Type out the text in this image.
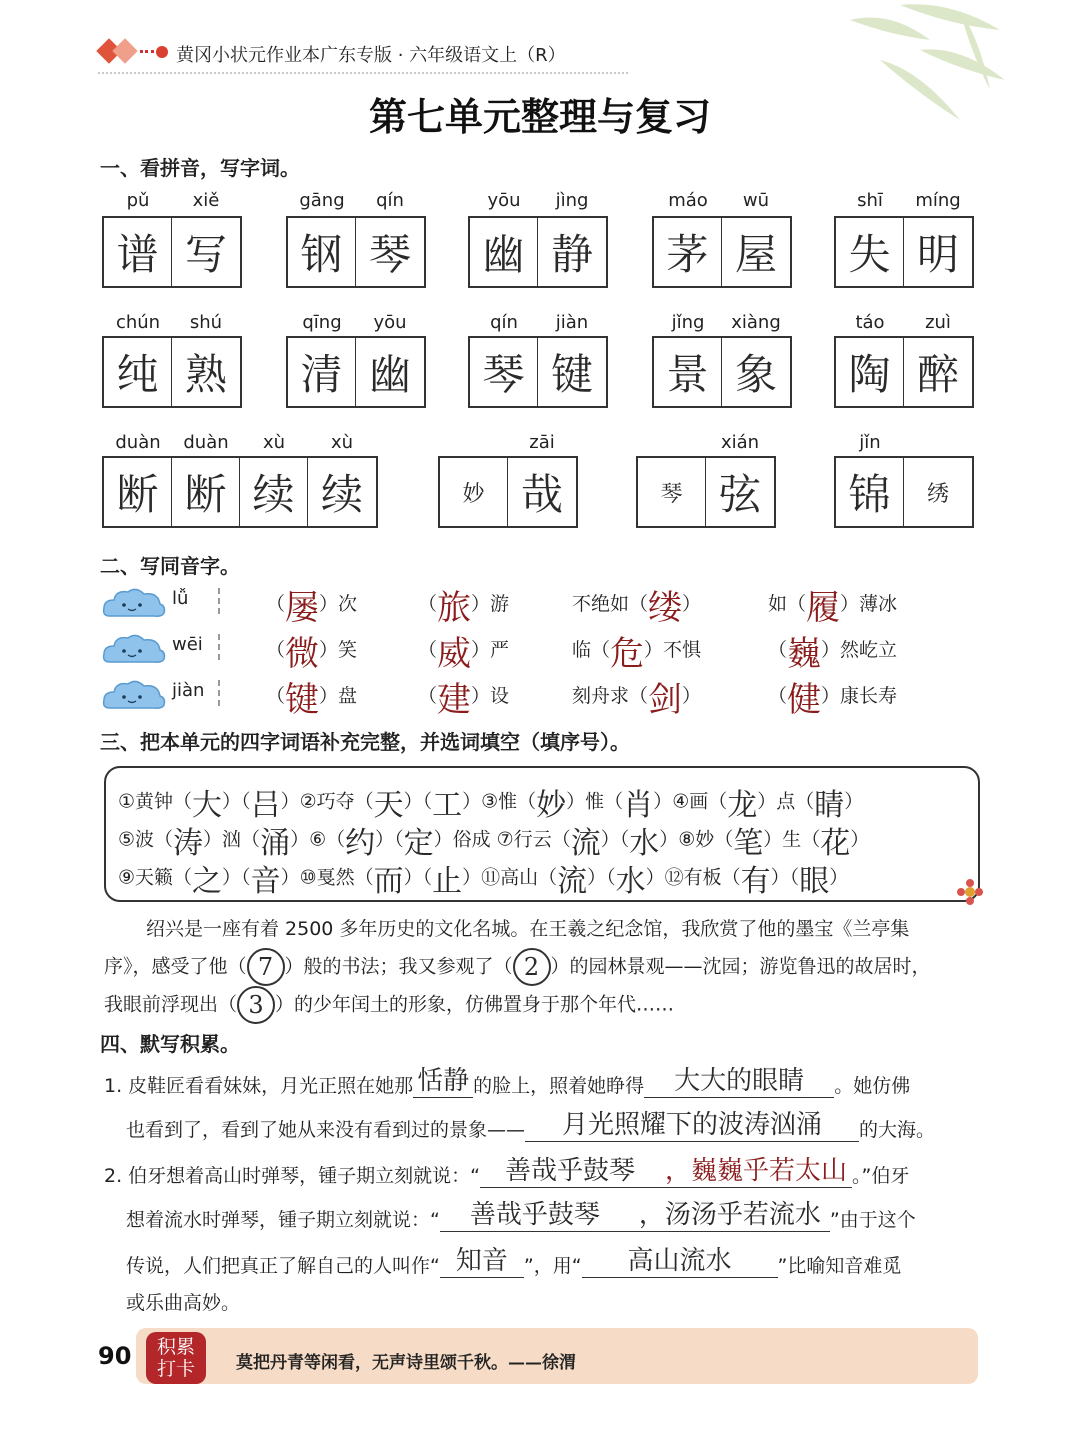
黄冈小状元作业本广东专版 · 六年级语文上（R）
第七单元整理与复习
一、看拼音，写字词。
pǔ	xiě
谱 写
gāng	qín
钢 琴
yōu	jìng
幽 静
máo	wū
茅 屋
shī	míng
失 明
chún	shú
纯 熟
qīng	yōu
清 幽
qín	jiàn
琴 键
jǐng	xiàng
景 象
táo	zuì
陶 醉
duàn	duàn	xù	xù
断 断 续 续
zāi
妙 哉
xián
琴 弦
jǐn
锦	绣
二、写同音字。
lǚ	（屡）次	（旅）游	不绝如（缕）	如（履）薄冰
wēi	（微）笑	（威）严	临（危）不惧	（巍）然屹立
jiàn	（键）盘	（建）设	刻舟求（剑）	（健）康长寿
三、把本单元的四字词语补充完整，并选词填空（填序号）。
①黄钟（大）（吕）②巧夺（天）（工）③惟（妙）惟（肖）④画（龙）点（睛）
⑤波（涛）汹（涌）⑥（约）（定）俗成 ⑦行云（流）（水）⑧妙（笔）生（花）
⑨天籁（之）（音）⑩戛然（而）（止）⑪高山（流）（水）⑫有板（有）（眼）
绍兴是一座有着 2500 多年历史的文化名城。在王羲之纪念馆，我欣赏了他的墨宝《兰亭集
序》，感受了他（ 7 ）般的书法；我又参观了（ 2 ）的园林景观——沈园；游览鲁迅的故居时，
我眼前浮现出（ 3 ）的少年闰土的形象，仿佛置身于那个年代……
四、默写积累。
1. 皮鞋匠看看妹妹，月光正照在她那 恬静 的脸上，照着她睁得 大大的眼睛 。她仿佛
也看到了，看到了她从来没有看到过的景象—— 月光照耀下的波涛汹涌 的大海。
2. 伯牙想着高山时弹琴，锺子期立刻就说：“ 善哉乎鼓琴 ，巍巍乎若太山 。”伯牙
想着流水时弹琴，锺子期立刻就说：“ 善哉乎鼓琴 ，汤汤乎若流水 ”由于这个
传说，人们把真正了解自己的人叫作“ 知音 ”，用“ 高山流水 ”比喻知音难觅
或乐曲高妙。
90	积累
打卡	莫把丹青等闲看，无声诗里颂千秋。——徐渭
